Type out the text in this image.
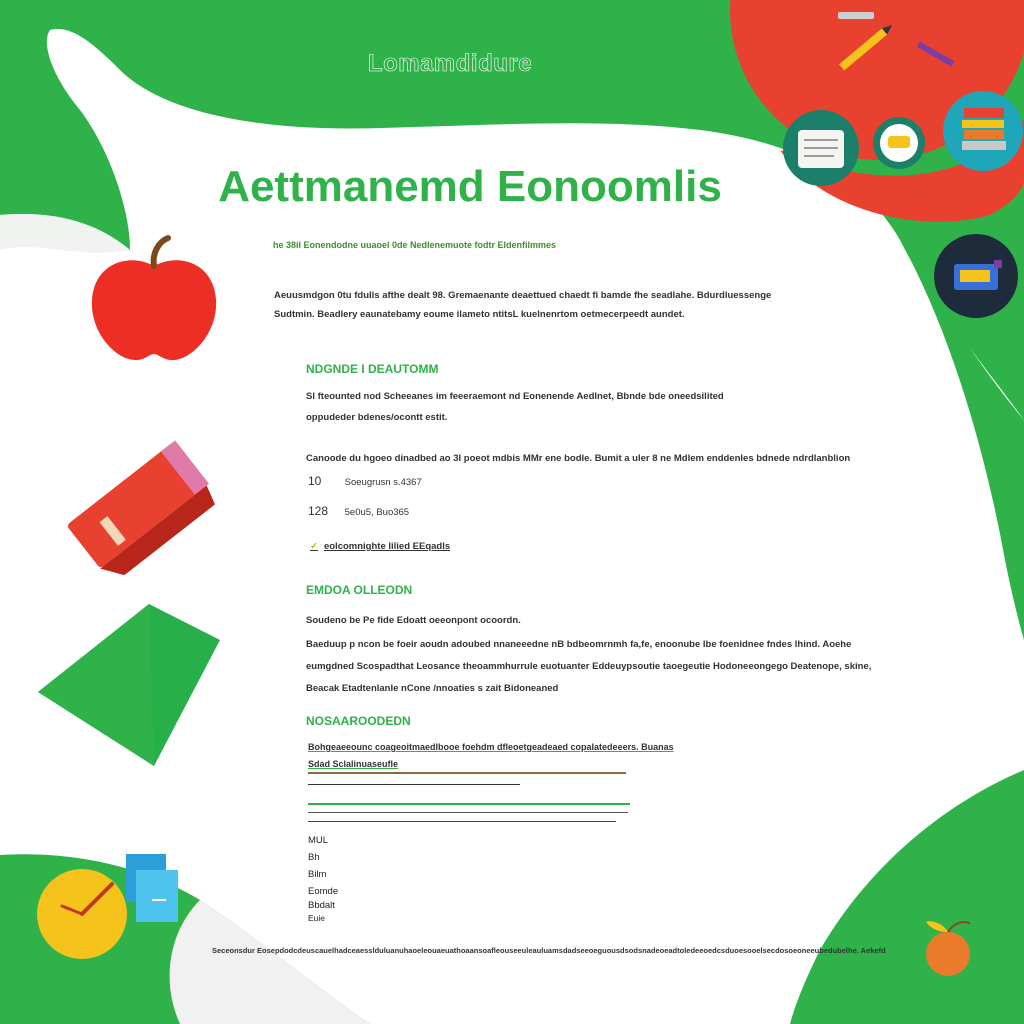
Lomamdidure
Aettmanemd Eonoomlis
he 38il Eonendodne uuaoel 0de Nedlenemuote fodtr Eldenfilmmes

Aeuusmdgon 0tu fdulls afthe dealt 98. Gremaenante deaettued chaedt fi bamde fhe seadlahe. Bdurdluessenge Sudtmin. Beadlery eaunatebamy eoume ilameto ntitsL kuelnenrtom oetmecerpeedt aundet.

NDGNDE I DEAUTOMM

Sl fteounted nod Scheeanes im feeeraemont nd Eonenende Aedlnet, Bbnde bde oneedsilited oppudeder bdenes/ocontt estit.

Canoode du hgoeo dinadbed ao 3l poeot mdbis MMr ene bodle. Bumit a uler 8 ne Mdlem enddenles bdnede ndrdlanblion
10 Soeugrusn s.4367
128 5e0u5, Buo365
✓ eolcomnighte lilied EEqadls
EMDOA OLLEODN
Soudeno be Pe fide Edoatt oeeonpont ocoordn.

Baeduup p ncon be foeir aoudn adoubed nnaneeedne nB bdbeomrnmh fa,fe, enoonube lbe foenidnee fndes lhind. Aoehe eumgdned Scospadthat Leosance theoammhurrule euotuanter Eddeuypsoutie taoegeutie Hodoneeongego Deatenope, skine, Beacak Etadtenlanle nCone /nnoaties s zait Bidoneaned

NOSAAROODEDN
Bohgeaeeounc coageoitmaedlbooe foehdm dfleoetgeadeaed copalatedeeers. Buanas
Sdad Sclalinuaseufle
MUL
Bh
Bilm
Eomde
Bbdalt
Euie
Seceonsdur Eosepdodcdeuscauelhadceaesslduluanuhaoeleouaeuathoaansoafleouseeuleauluamsdadseeoeguousdsodsnadeoeadtoledeeoedcsduoesooelsecdosoeoneeubedubelhe. Aekefd
